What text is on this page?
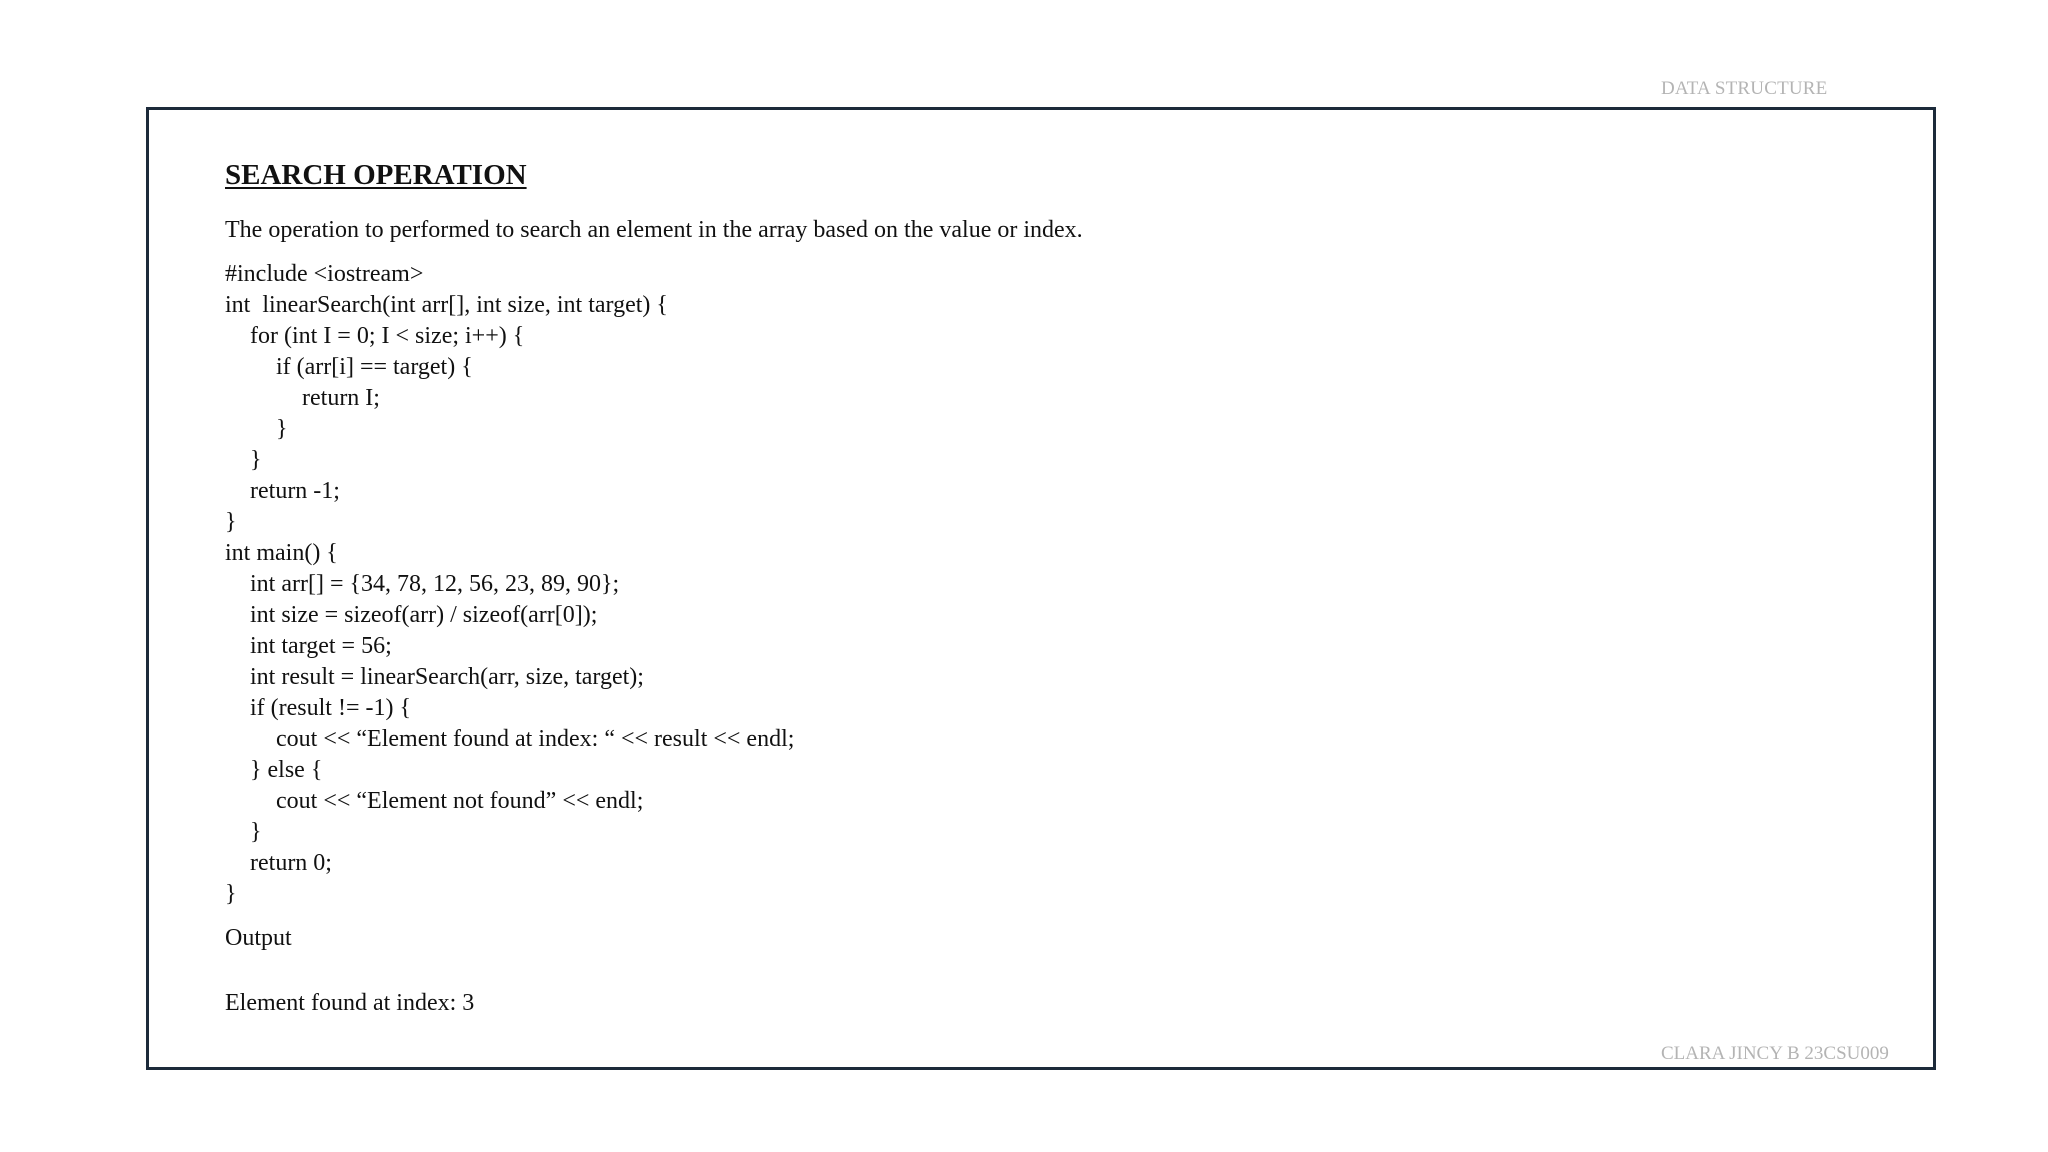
DATA STRUCTURE
SEARCH OPERATION
The operation to performed to search an element in the array based on the value or index.
#include <iostream>
int  linearSearch(int arr[], int size, int target) {
for (int I = 0; I < size; i++) {
if (arr[i] == target) {
return I;
}
}
return -1;
}
int main() {
int arr[] = {34, 78, 12, 56, 23, 89, 90};
int size = sizeof(arr) / sizeof(arr[0]);
int target = 56;
int result = linearSearch(arr, size, target);
if (result != -1) {
cout << “Element found at index: “ << result << endl;
} else {
cout << “Element not found” << endl;
}
return 0;
}
Output
Element found at index: 3
CLARA JINCY B 23CSU009
